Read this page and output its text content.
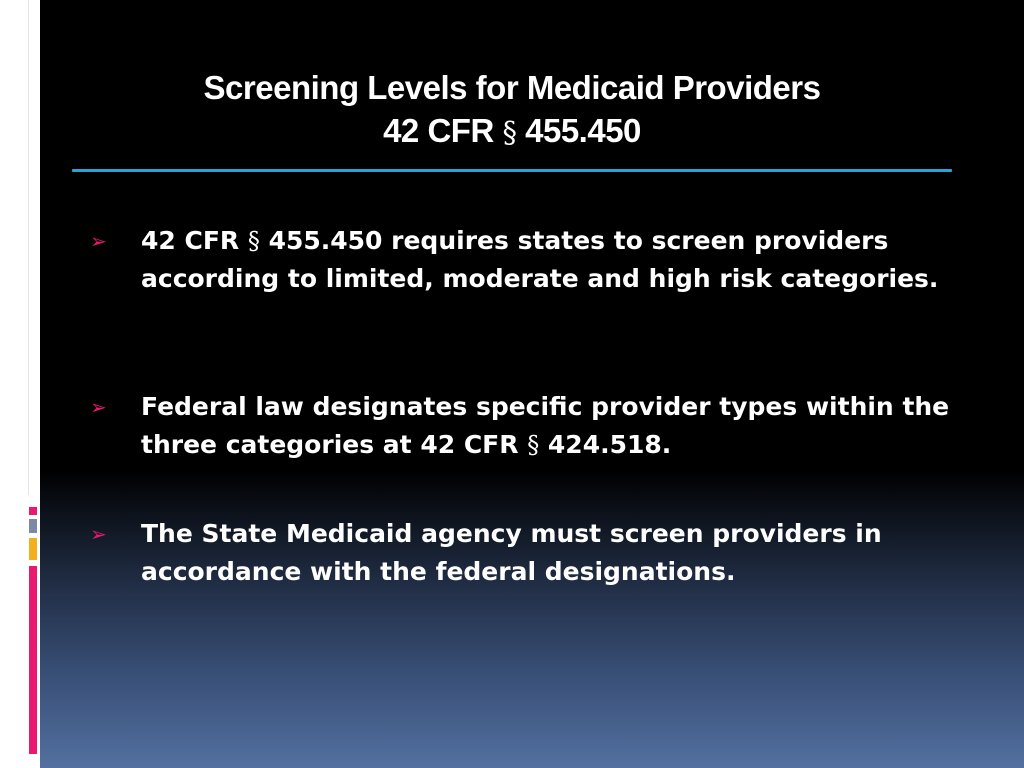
Screening Levels for Medicaid Providers
42 CFR § 455.450
➢ 42 CFR § 455.450 requires states to screen providers according to limited, moderate and high risk categories.
➢ Federal law designates specific provider types within the three categories at 42 CFR § 424.518.
➢ The State Medicaid agency must screen providers in accordance with the federal designations.
